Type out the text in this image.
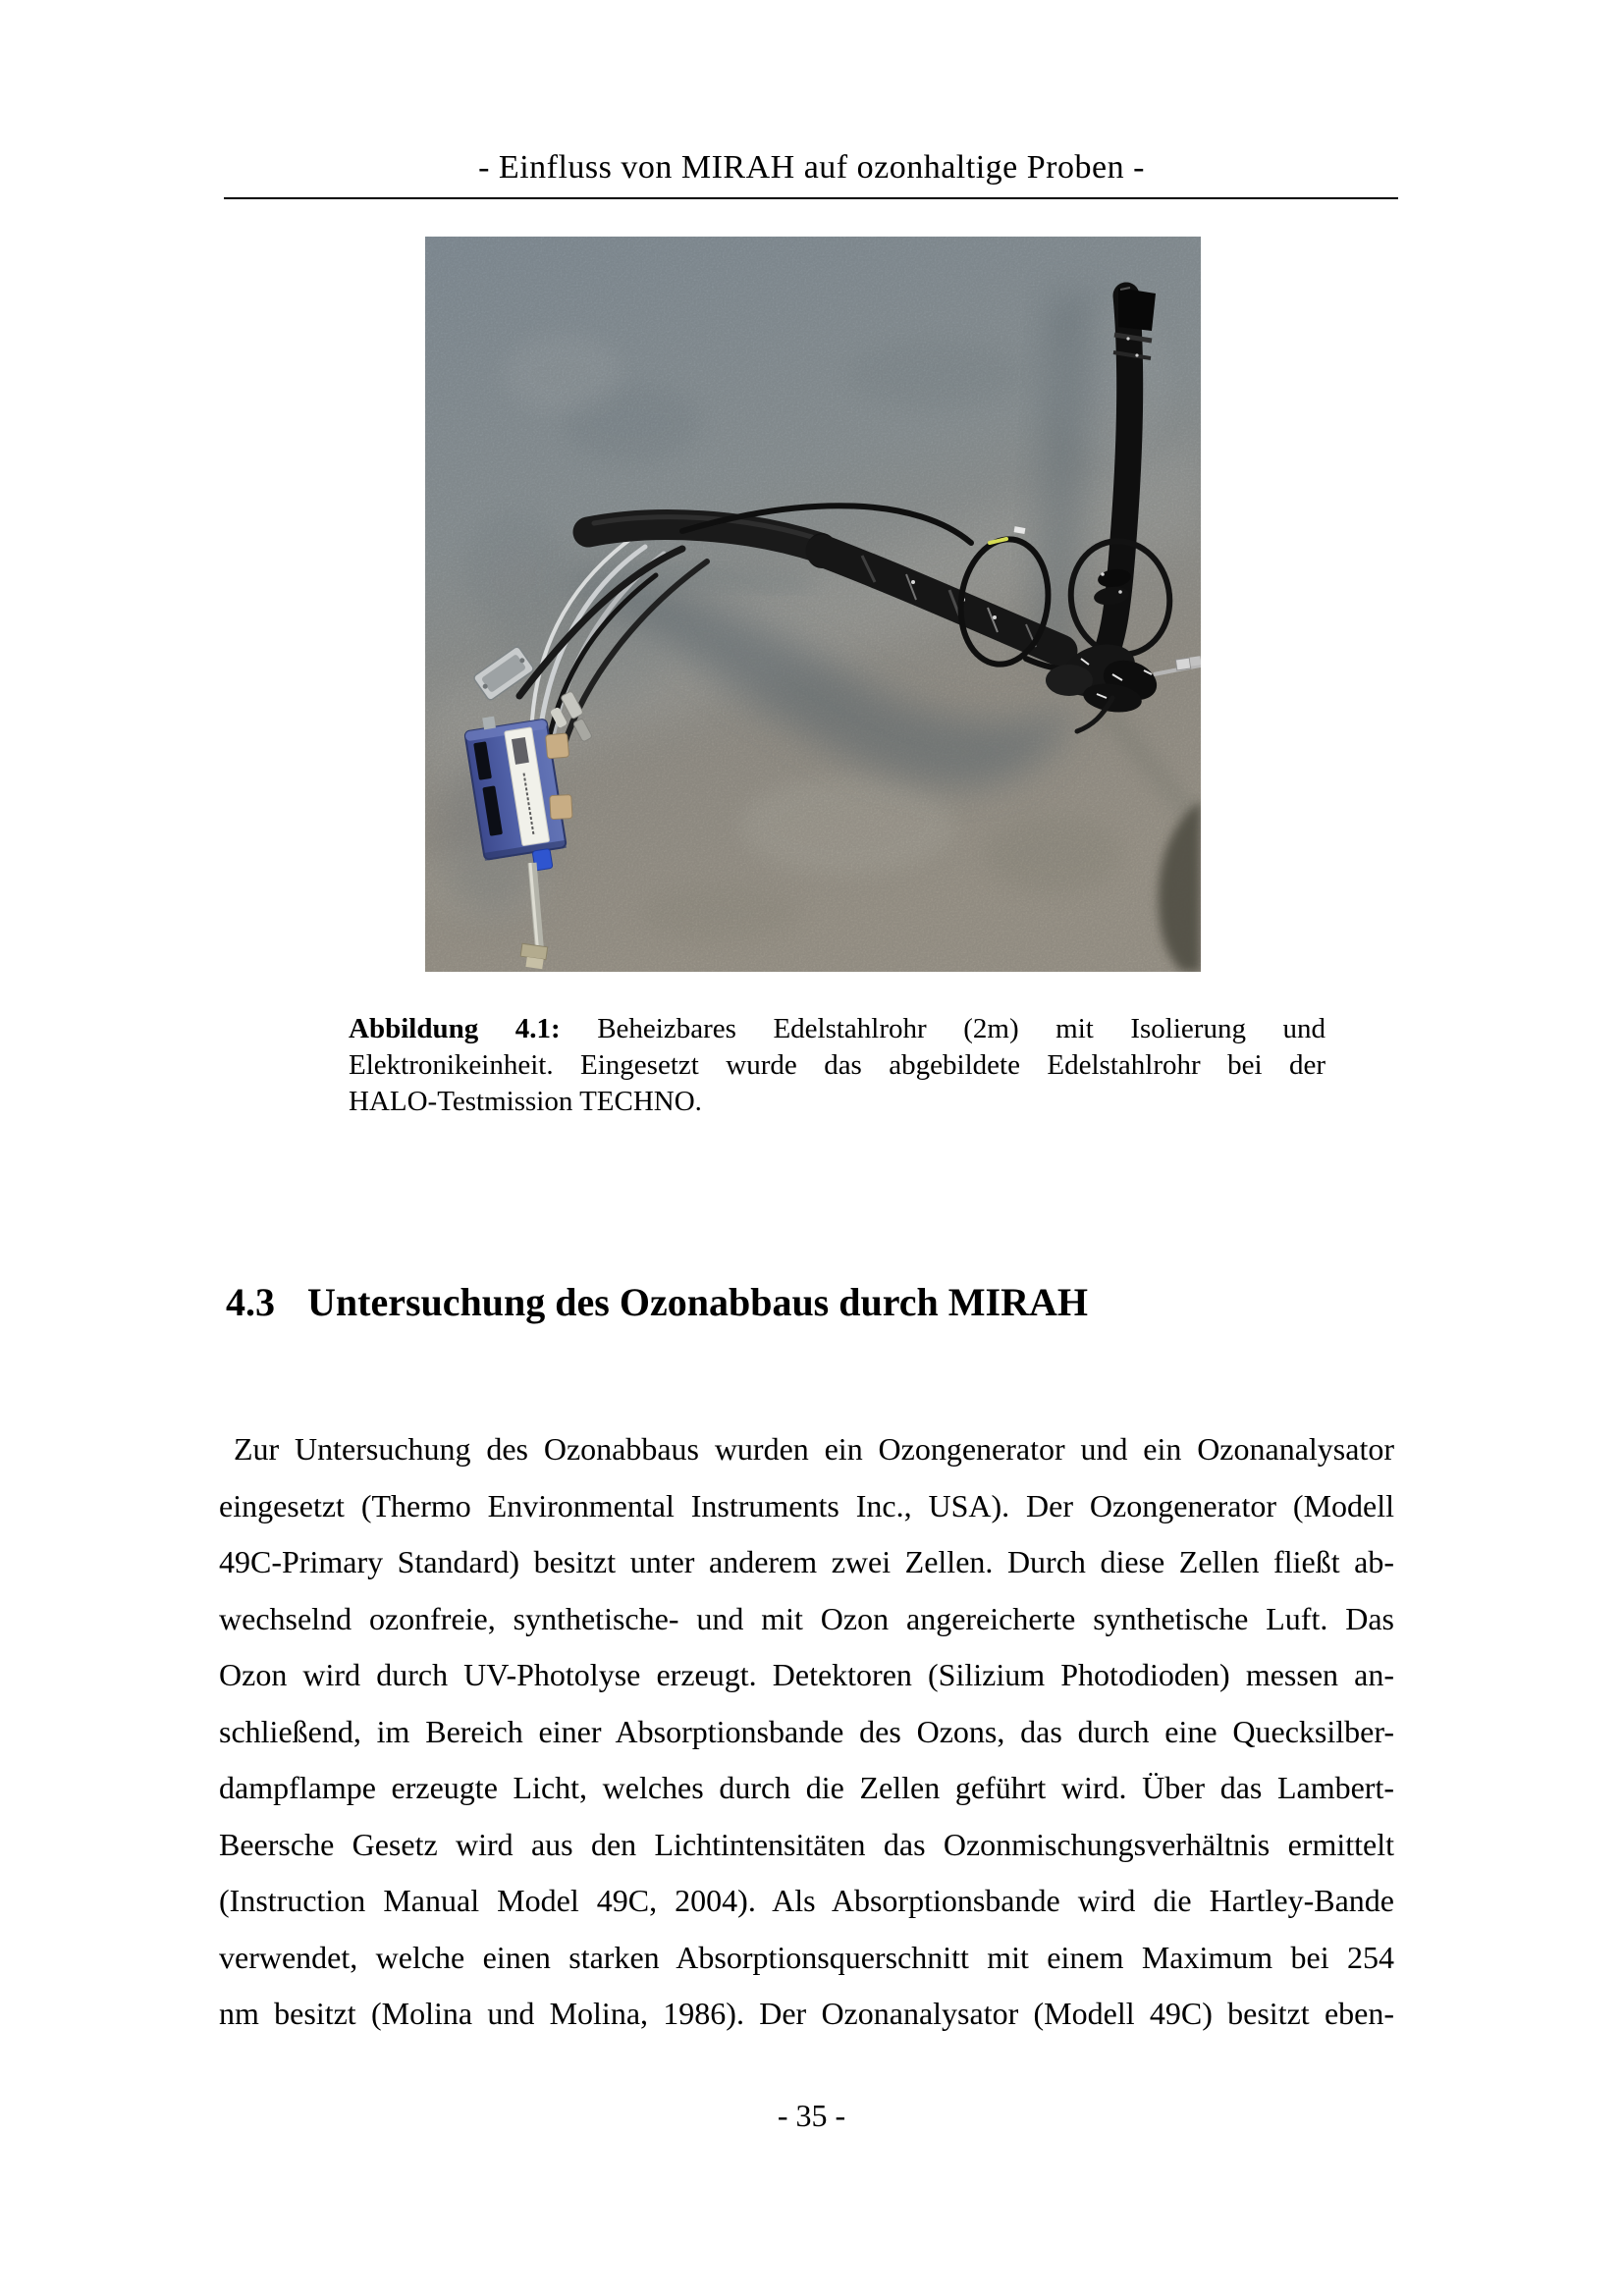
- Einfluss von MIRAH auf ozonhaltige Proben -
Abbildung 4.1: Beheizbares Edelstahlrohr (2m) mit Isolierung und
Elektronikeinheit. Eingesetzt wurde das abgebildete Edelstahlrohr bei der
HALO-Testmission TECHNO.
4.3 Untersuchung des Ozonabbaus durch MIRAH
Zur Untersuchung des Ozonabbaus wurden ein Ozongenerator und ein Ozonanalysator
eingesetzt (Thermo Environmental Instruments Inc., USA). Der Ozongenerator (Modell
49C-Primary Standard) besitzt unter anderem zwei Zellen. Durch diese Zellen fließt ab-
wechselnd ozonfreie, synthetische- und mit Ozon angereicherte synthetische Luft. Das
Ozon wird durch UV-Photolyse erzeugt. Detektoren (Silizium Photodioden) messen an-
schließend, im Bereich einer Absorptionsbande des Ozons, das durch eine Quecksilber-
dampflampe erzeugte Licht, welches durch die Zellen geführt wird. Über das Lambert-
Beersche Gesetz wird aus den Lichtintensitäten das Ozonmischungsverhältnis ermittelt
(Instruction Manual Model 49C, 2004). Als Absorptionsbande wird die Hartley-Bande
verwendet, welche einen starken Absorptionsquerschnitt mit einem Maximum bei 254
nm besitzt (Molina und Molina, 1986). Der Ozonanalysator (Modell 49C) besitzt eben-
- 35 -
